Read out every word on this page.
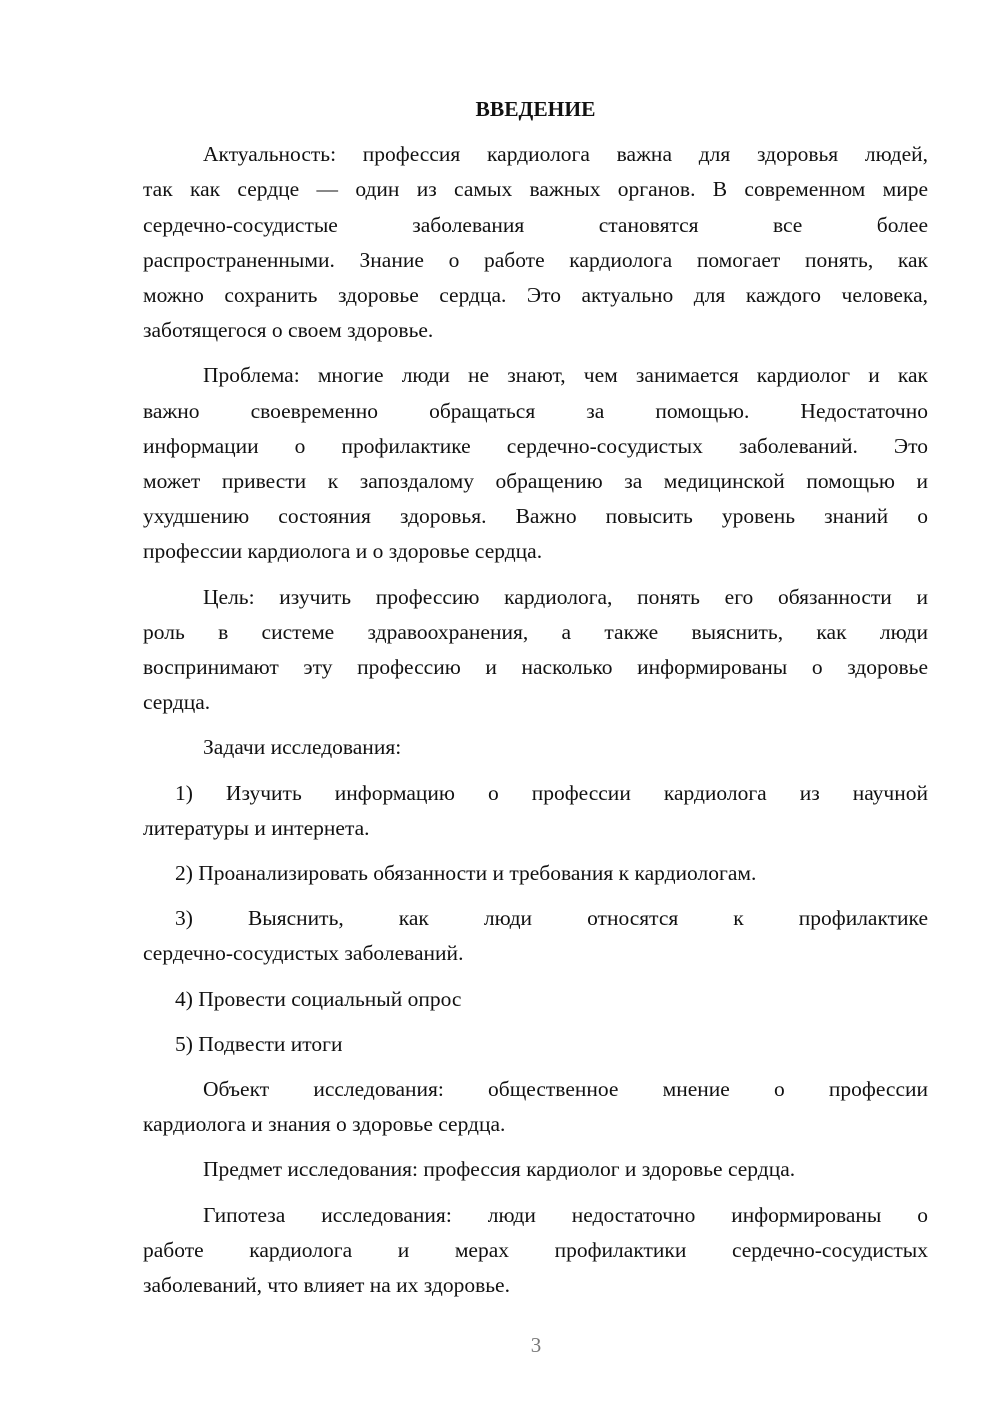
ВВЕДЕНИЕ
Актуальность: профессия кардиолога важна для здоровья людей,
так как сердце — один из самых важных органов. В современном мире
сердечно-сосудистые заболевания становятся все более
распространенными. Знание о работе кардиолога помогает понять, как
можно сохранить здоровье сердца. Это актуально для каждого человека,
заботящегося о своем здоровье.
Проблема: многие люди не знают, чем занимается кардиолог и как
важно своевременно обращаться за помощью. Недостаточно
информации о профилактике сердечно-сосудистых заболеваний. Это
может привести к запоздалому обращению за медицинской помощью и
ухудшению состояния здоровья. Важно повысить уровень знаний о
профессии кардиолога и о здоровье сердца.
Цель: изучить профессию кардиолога, понять его обязанности и
роль в системе здравоохранения, а также выяснить, как люди
воспринимают эту профессию и насколько информированы о здоровье
сердца.
Задачи исследования:
1) Изучить информацию о профессии кардиолога из научной
литературы и интернета.
2) Проанализировать обязанности и требования к кардиологам.
3) Выяснить, как люди относятся к профилактике
сердечно-сосудистых заболеваний.
4) Провести социальный опрос
5) Подвести итоги
Объект исследования: общественное мнение о профессии
кардиолога и знания о здоровье сердца.
Предмет исследования: профессия кардиолог и здоровье сердца.
Гипотеза исследования: люди недостаточно информированы о
работе кардиолога и мерах профилактики сердечно-сосудистых
заболеваний, что влияет на их здоровье.
3
